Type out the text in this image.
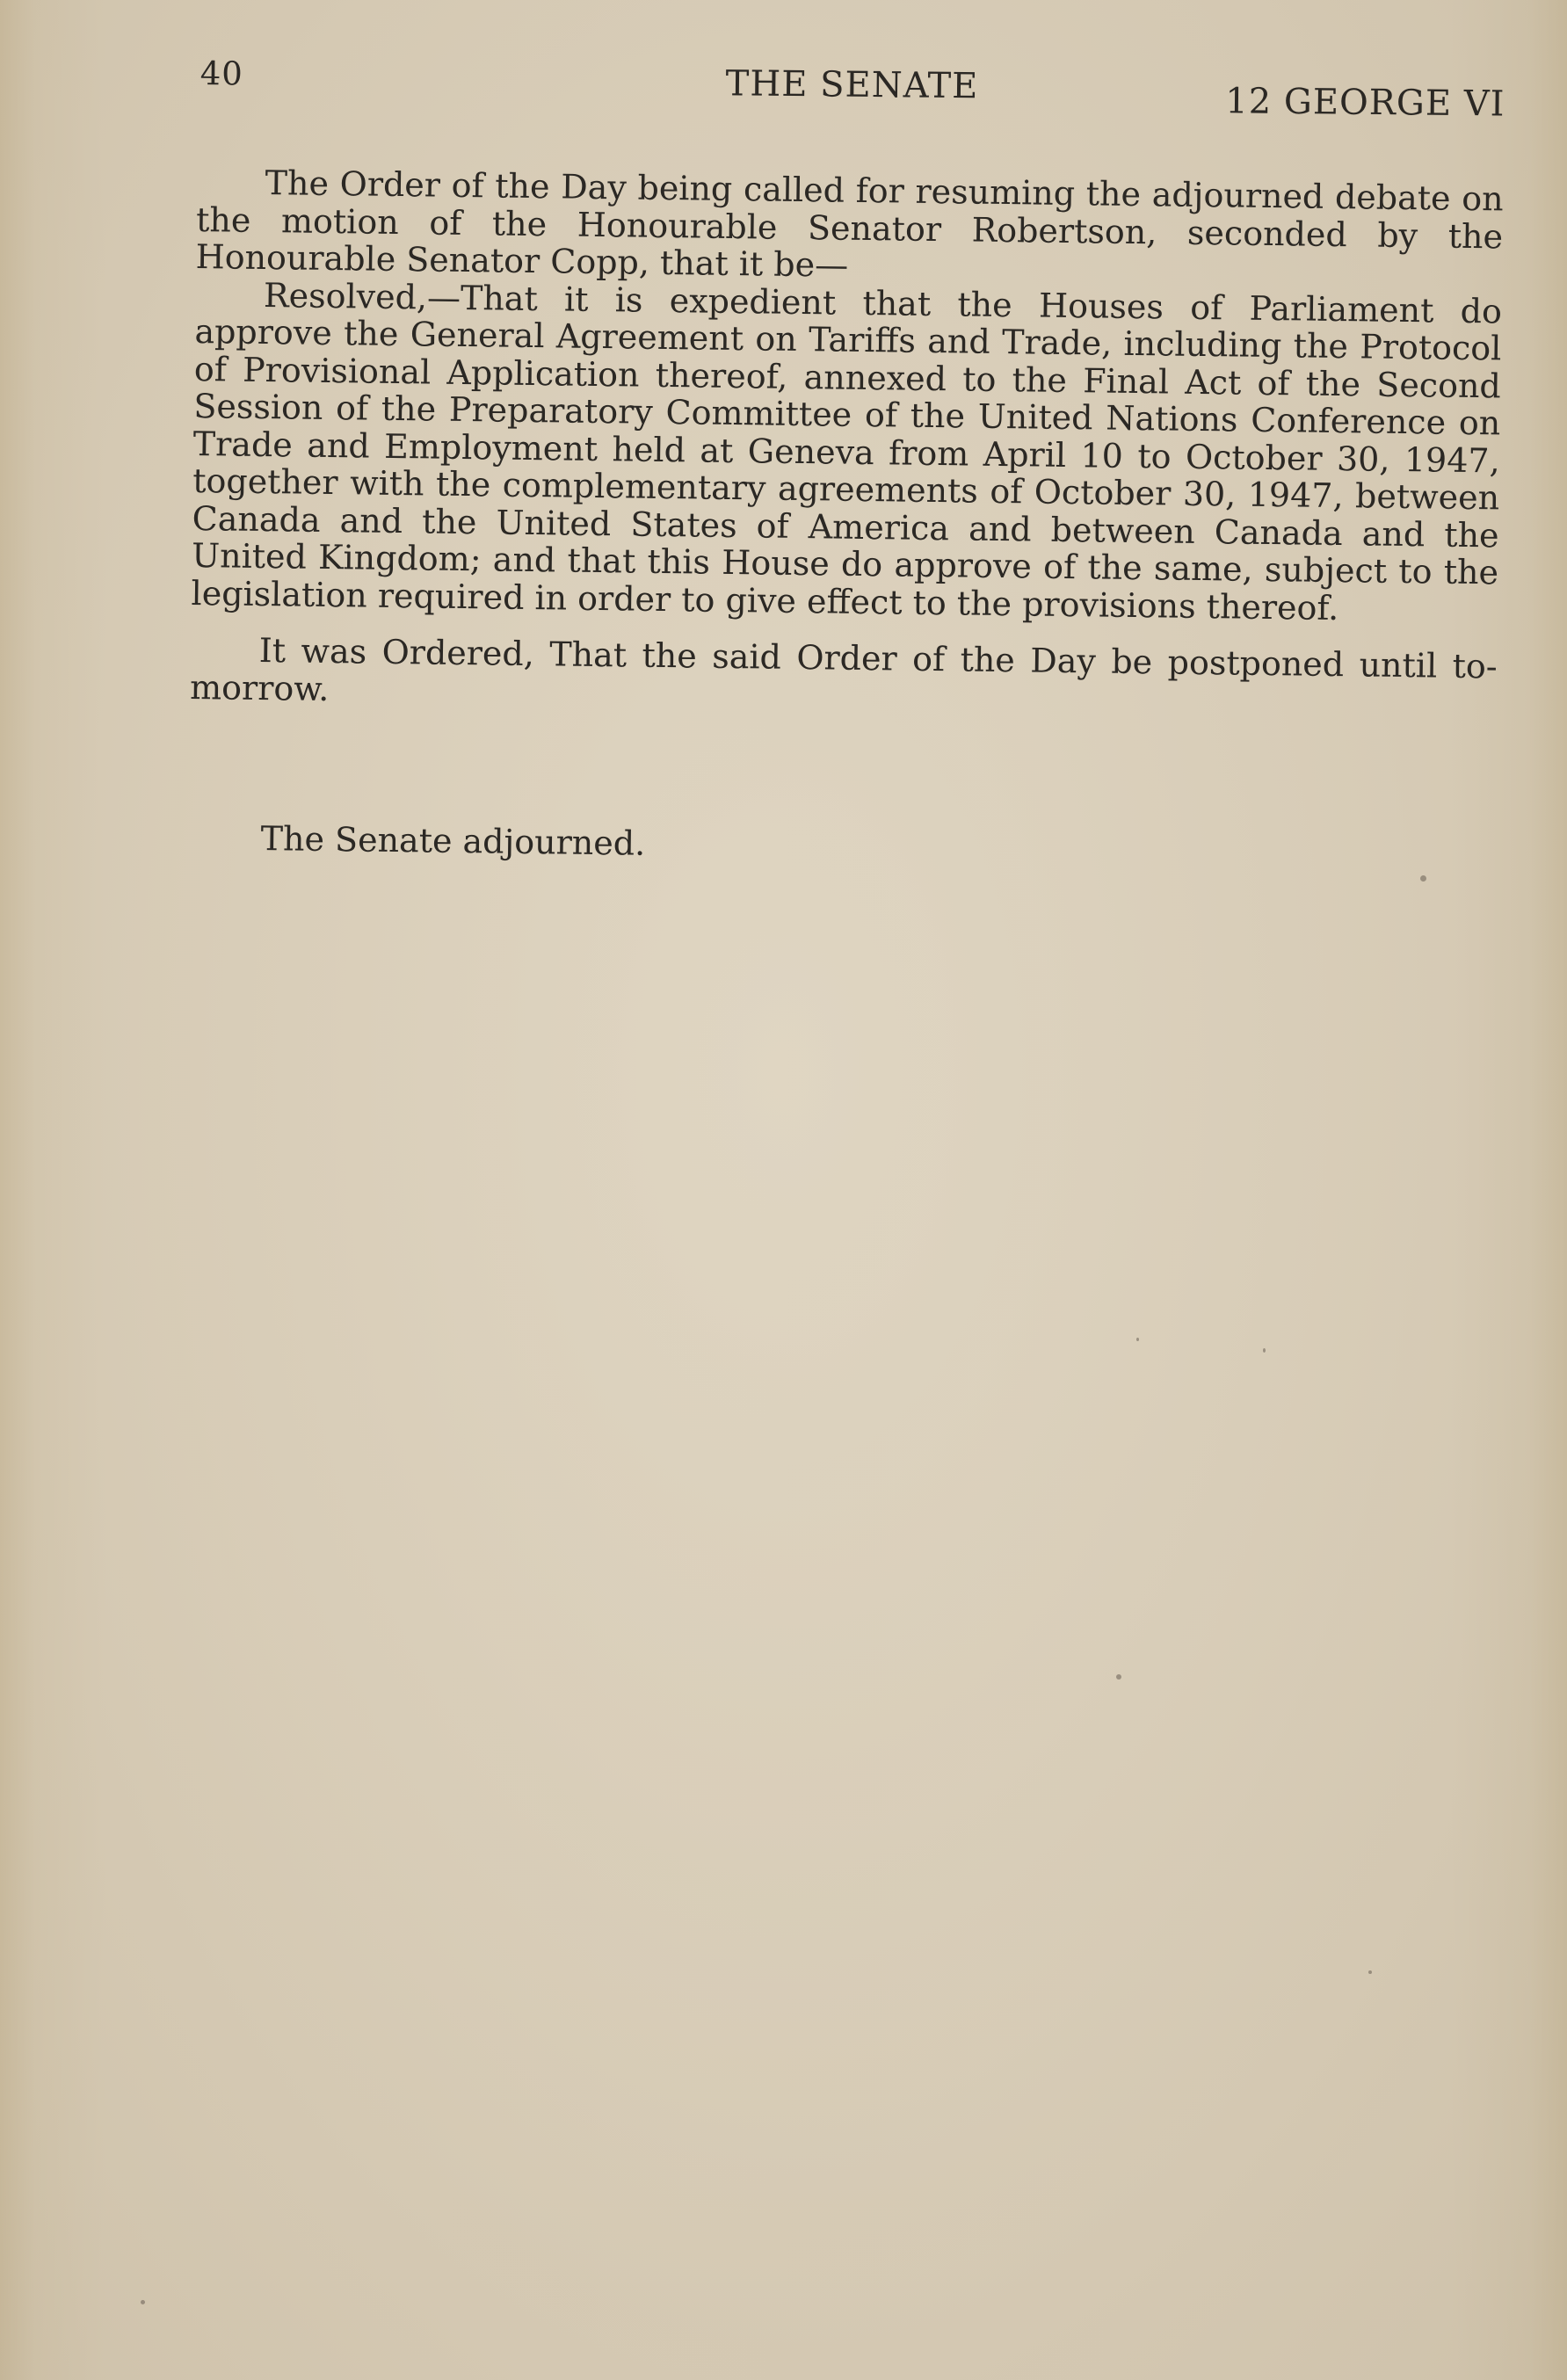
40	THE SENATE	12 GEORGE VI

The Order of the Day being called for resuming the adjourned debate on the motion of the Honourable Senator Robertson, seconded by the Honourable Senator Copp, that it be—

Resolved,—That it is expedient that the Houses of Parliament do approve the General Agreement on Tariffs and Trade, including the Protocol of Provisional Application thereof, annexed to the Final Act of the Second Session of the Preparatory Committee of the United Nations Conference on Trade and Employment held at Geneva from April 10 to October 30, 1947, together with the complementary agreements of October 30, 1947, between Canada and the United States of America and between Canada and the United Kingdom; and that this House do approve of the same, subject to the legislation required in order to give effect to the provisions thereof.

It was Ordered, That the said Order of the Day be postponed until to-morrow.

The Senate adjourned.
